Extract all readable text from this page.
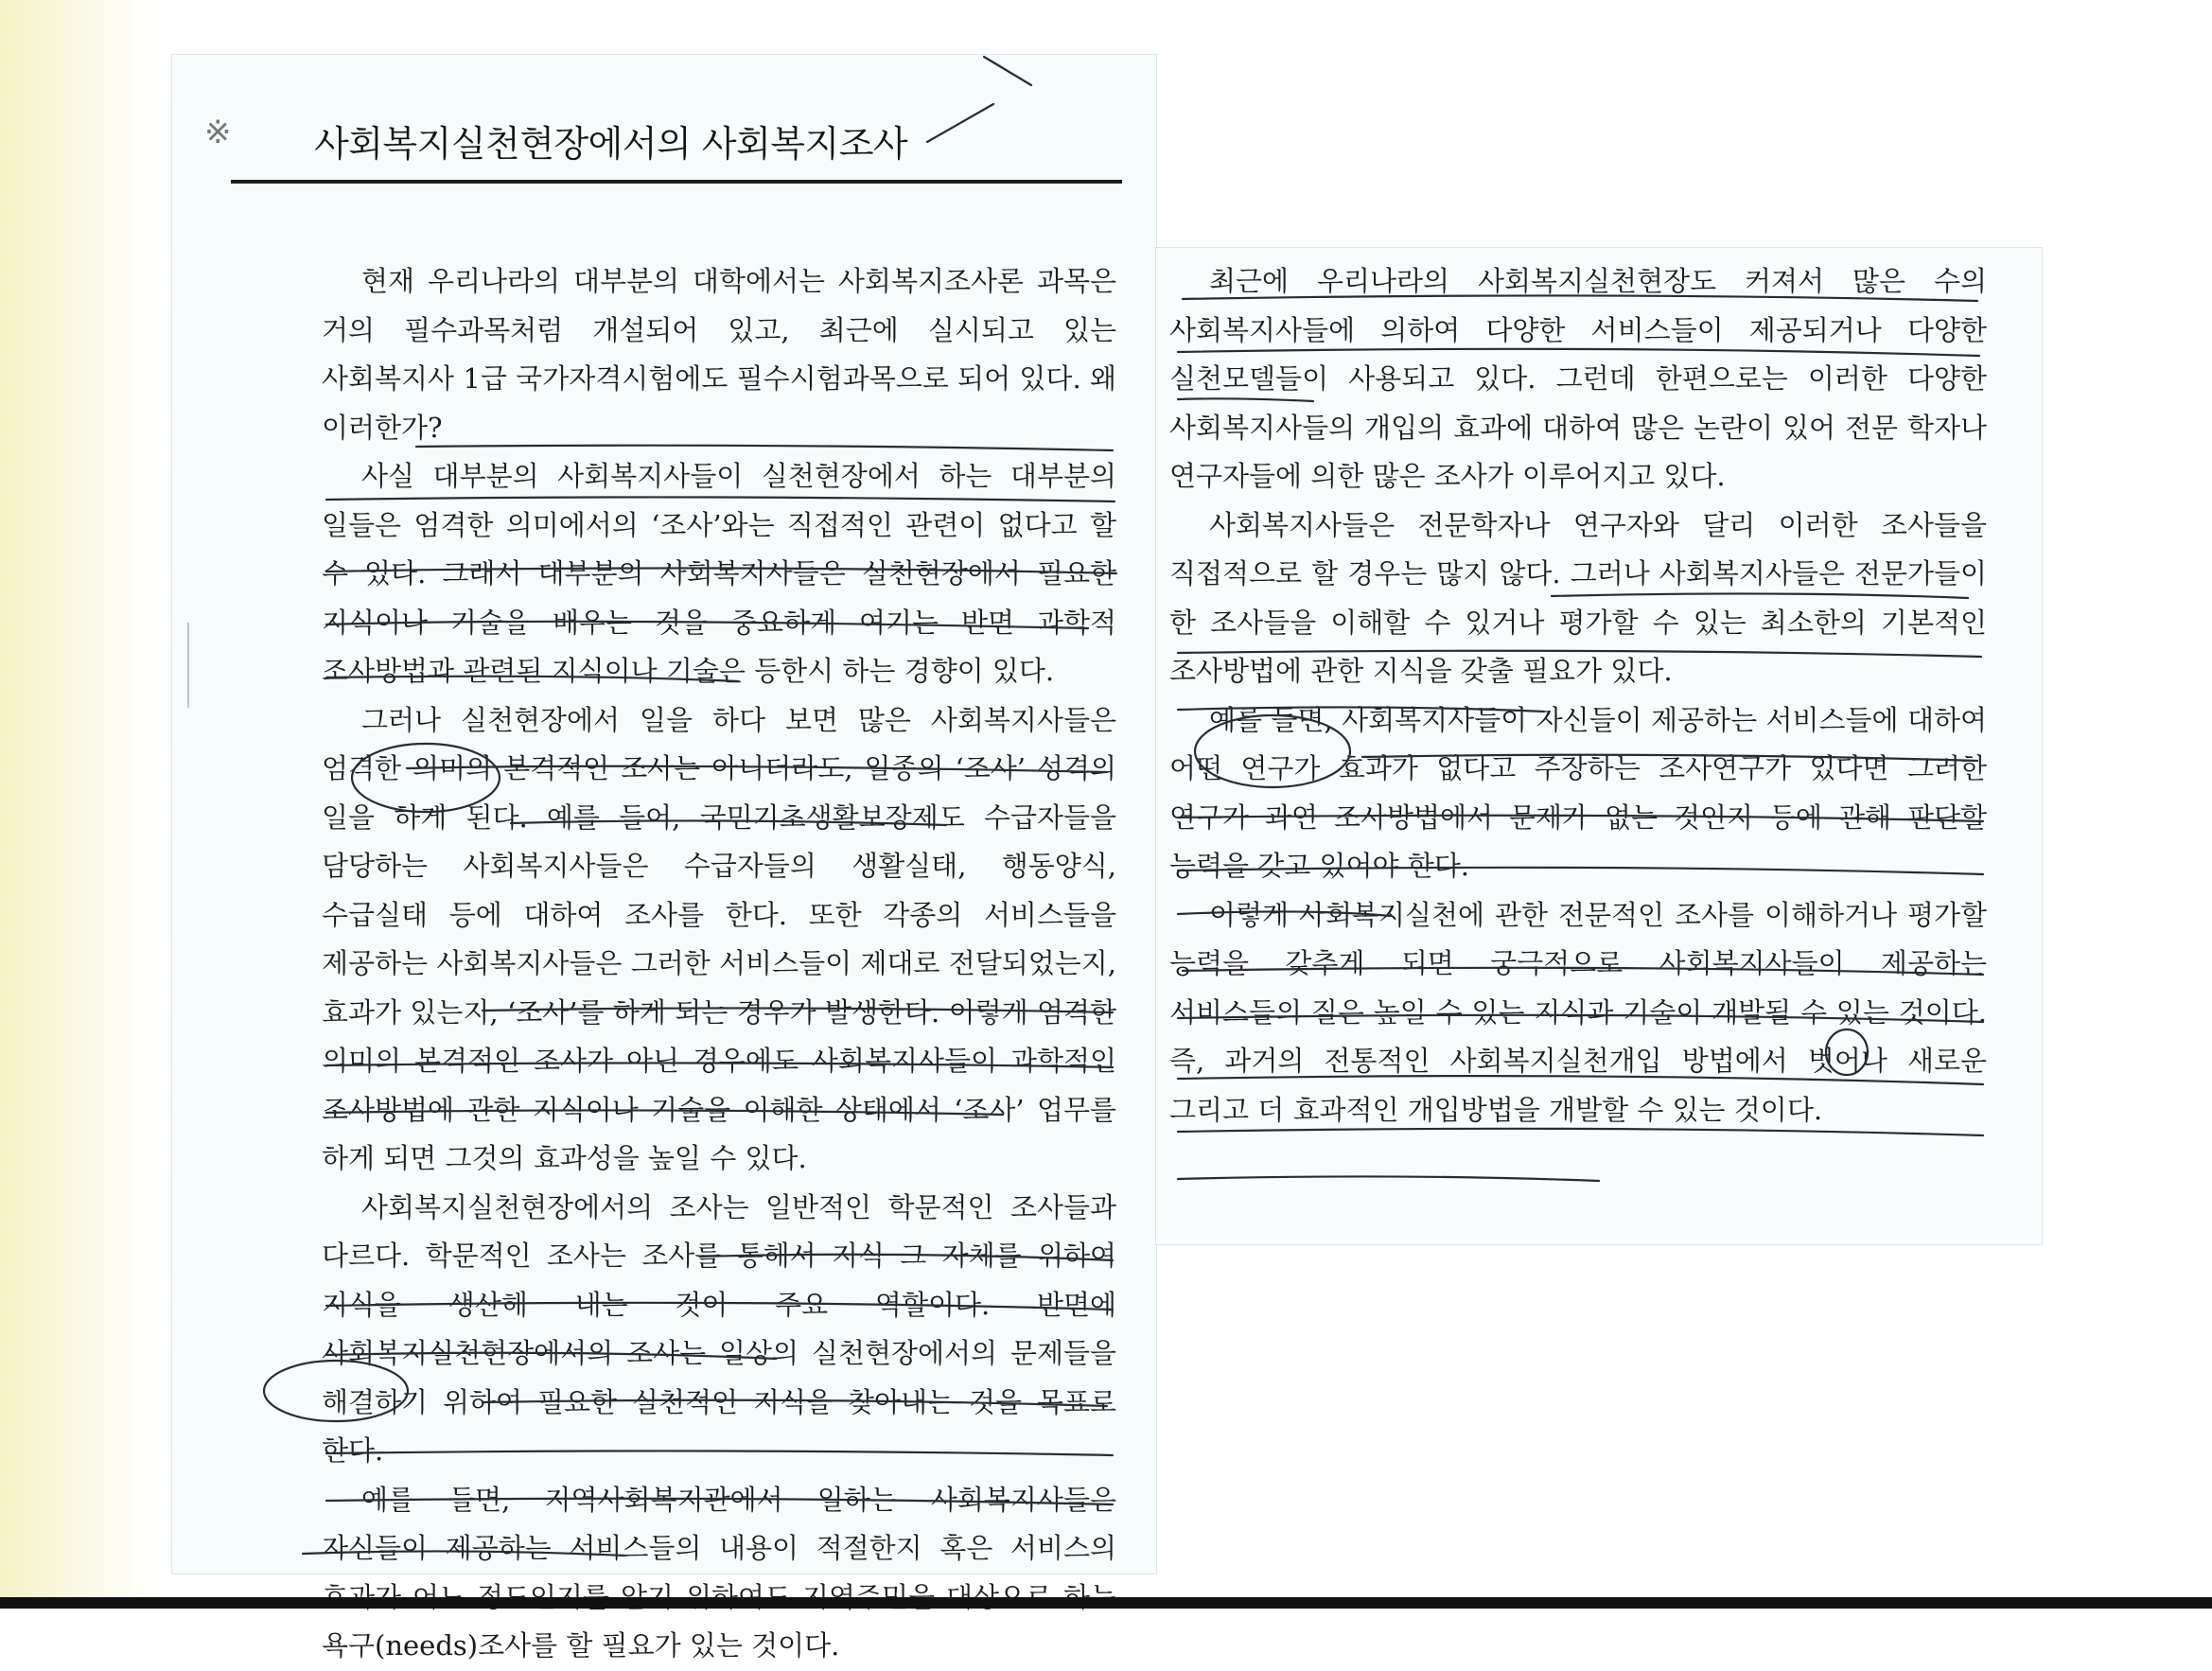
※ 사회복지실천현장에서의 사회복지조사

현재 우리나라의 대부분의 대학에서는 사회복지조사론 과목은 거의 필수과목처럼 개설되어 있고, 최근에 실시되고 있는 사회복지사 1급 국가자격시험에도 필수시험과목으로 되어 있다. 왜 이러한가?

사실 대부분의 사회복지사들이 실천현장에서 하는 대부분의 일들은 엄격한 의미에서의 ‘조사’와는 직접적인 관련이 없다고 할 수 있다. 그래서 대부분의 사회복지사들은 실천현장에서 필요한 지식이나 기술을 배우는 것을 중요하게 여기는 반면 과학적 조사방법과 관련된 지식이나 기술은 등한시 하는 경향이 있다.

그러나 실천현장에서 일을 하다 보면 많은 사회복지사들은 엄격한 의미의 본격적인 조사는 아니더라도, 일종의 ‘조사’ 성격의 일을 하게 된다. 예를 들어, 국민기초생활보장제도 수급자들을 담당하는 사회복지사들은 수급자들의 생활실태, 행동양식, 수급실태 등에 대하여 조사를 한다. 또한 각종의 서비스들을 제공하는 사회복지사들은 그러한 서비스들이 제대로 전달되었는지, 효과가 있는지, ‘조사’를 하게 되는 경우가 발생한다. 이렇게 엄격한 의미의 본격적인 조사가 아닌 경우에도 사회복지사들이 과학적인 조사방법에 관한 지식이나 기술을 이해한 상태에서 ‘조사’ 업무를 하게 되면 그것의 효과성을 높일 수 있다.

사회복지실천현장에서의 조사는 일반적인 학문적인 조사들과 다르다. 학문적인 조사는 조사를 통해서 지식 그 자체를 위하여 지식을 생산해 내는 것이 주요 역할이다. 반면에 사회복지실천현장에서의 조사는 일상의 실천현장에서의 문제들을 해결하기 위하여 필요한 실천적인 지식을 찾아내는 것을 목표로 한다.

예를 들면, 지역사회복지관에서 일하는 사회복지사들은 자신들이 제공하는 서비스들의 내용이 적절한지 혹은 서비스의 욕구(needs)조사를 할 필요가 있는 것이다.

최근에 우리나라의 사회복지실천현장도 커져서 많은 수의 사회복지사들에 의하여 다양한 서비스들이 제공되거나 다양한 실천모델들이 사용되고 있다. 그런데 한편으로는 이러한 다양한 사회복지사들의 개입의 효과에 대하여 많은 논란이 있어 전문 학자나 연구자들에 의한 많은 조사가 이루어지고 있다.

사회복지사들은 전문학자나 연구자와 달리 이러한 조사들을 직접적으로 할 경우는 많지 않다. 그러나 사회복지사들은 전문가들이 한 조사들을 이해할 수 있거나 평가할 수 있는 최소한의 기본적인 조사방법에 관한 지식을 갖출 필요가 있다.

예를 들면, 사회복지사들이 자신들이 제공하는 서비스들에 대하여 어떤 연구가 효과가 없다고 주장하는 조사연구가 있다면 그러한 연구가 과연 조사방법에서 문제가 없는 것인지 등에 관해 판단할 능력을 갖고 있어야 한다.

이렇게 사회복지실천에 관한 전문적인 조사를 이해하거나 평가할 능력을 갖추게 되면 궁극적으로 사회복지사들이 제공하는 서비스들의 질은 높일 수 있는 지식과 기술이 개발될 수 있는 것이다. 즉, 과거의 전통적인 사회복지실천개입 방법에서 벗어나 새로운 그리고 더 효과적인 개입방법을 개발할 수 있는 것이다.
